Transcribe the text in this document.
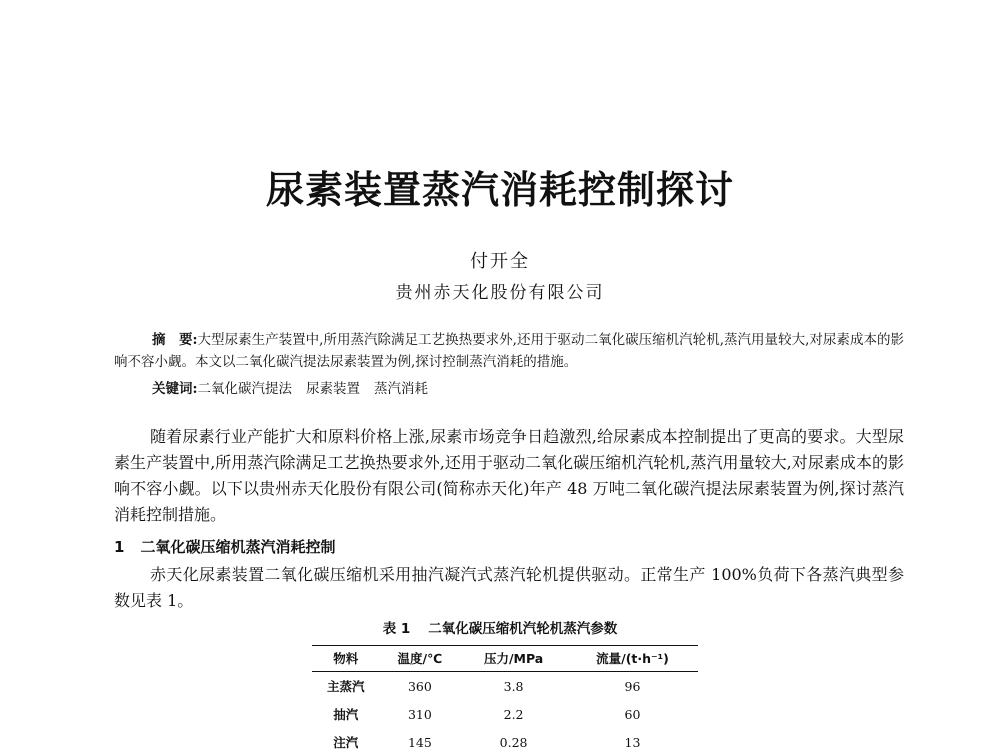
尿素装置蒸汽消耗控制探讨
付开全
贵州赤天化股份有限公司

摘　要:大型尿素生产装置中,所用蒸汽除满足工艺换热要求外,还用于驱动二氧化碳压缩机汽轮机,蒸汽用量较大,对尿素成本的影响不容小觑。本文以二氧化碳汽提法尿素装置为例,探讨控制蒸汽消耗的措施。

关键词:二氧化碳汽提法 尿素装置 蒸汽消耗

随着尿素行业产能扩大和原料价格上涨,尿素市场竞争日趋激烈,给尿素成本控制提出了更高的要求。大型尿素生产装置中,所用蒸汽除满足工艺换热要求外,还用于驱动二氧化碳压缩机汽轮机,蒸汽用量较大,对尿素成本的影响不容小觑。以下以贵州赤天化股份有限公司(简称赤天化)年产 48 万吨二氧化碳汽提法尿素装置为例,探讨蒸汽消耗控制措施。

1 二氧化碳压缩机蒸汽消耗控制

赤天化尿素装置二氧化碳压缩机采用抽汽凝汽式蒸汽轮机提供驱动。正常生产 100%负荷下各蒸汽典型参数见表 1。

表 1 二氧化碳压缩机汽轮机蒸汽参数
物料	温度/℃	压力/MPa	流量/(t·h⁻¹)
主蒸汽	360	3.8	96
抽汽	310	2.2	60
注汽	145	0.28	13
